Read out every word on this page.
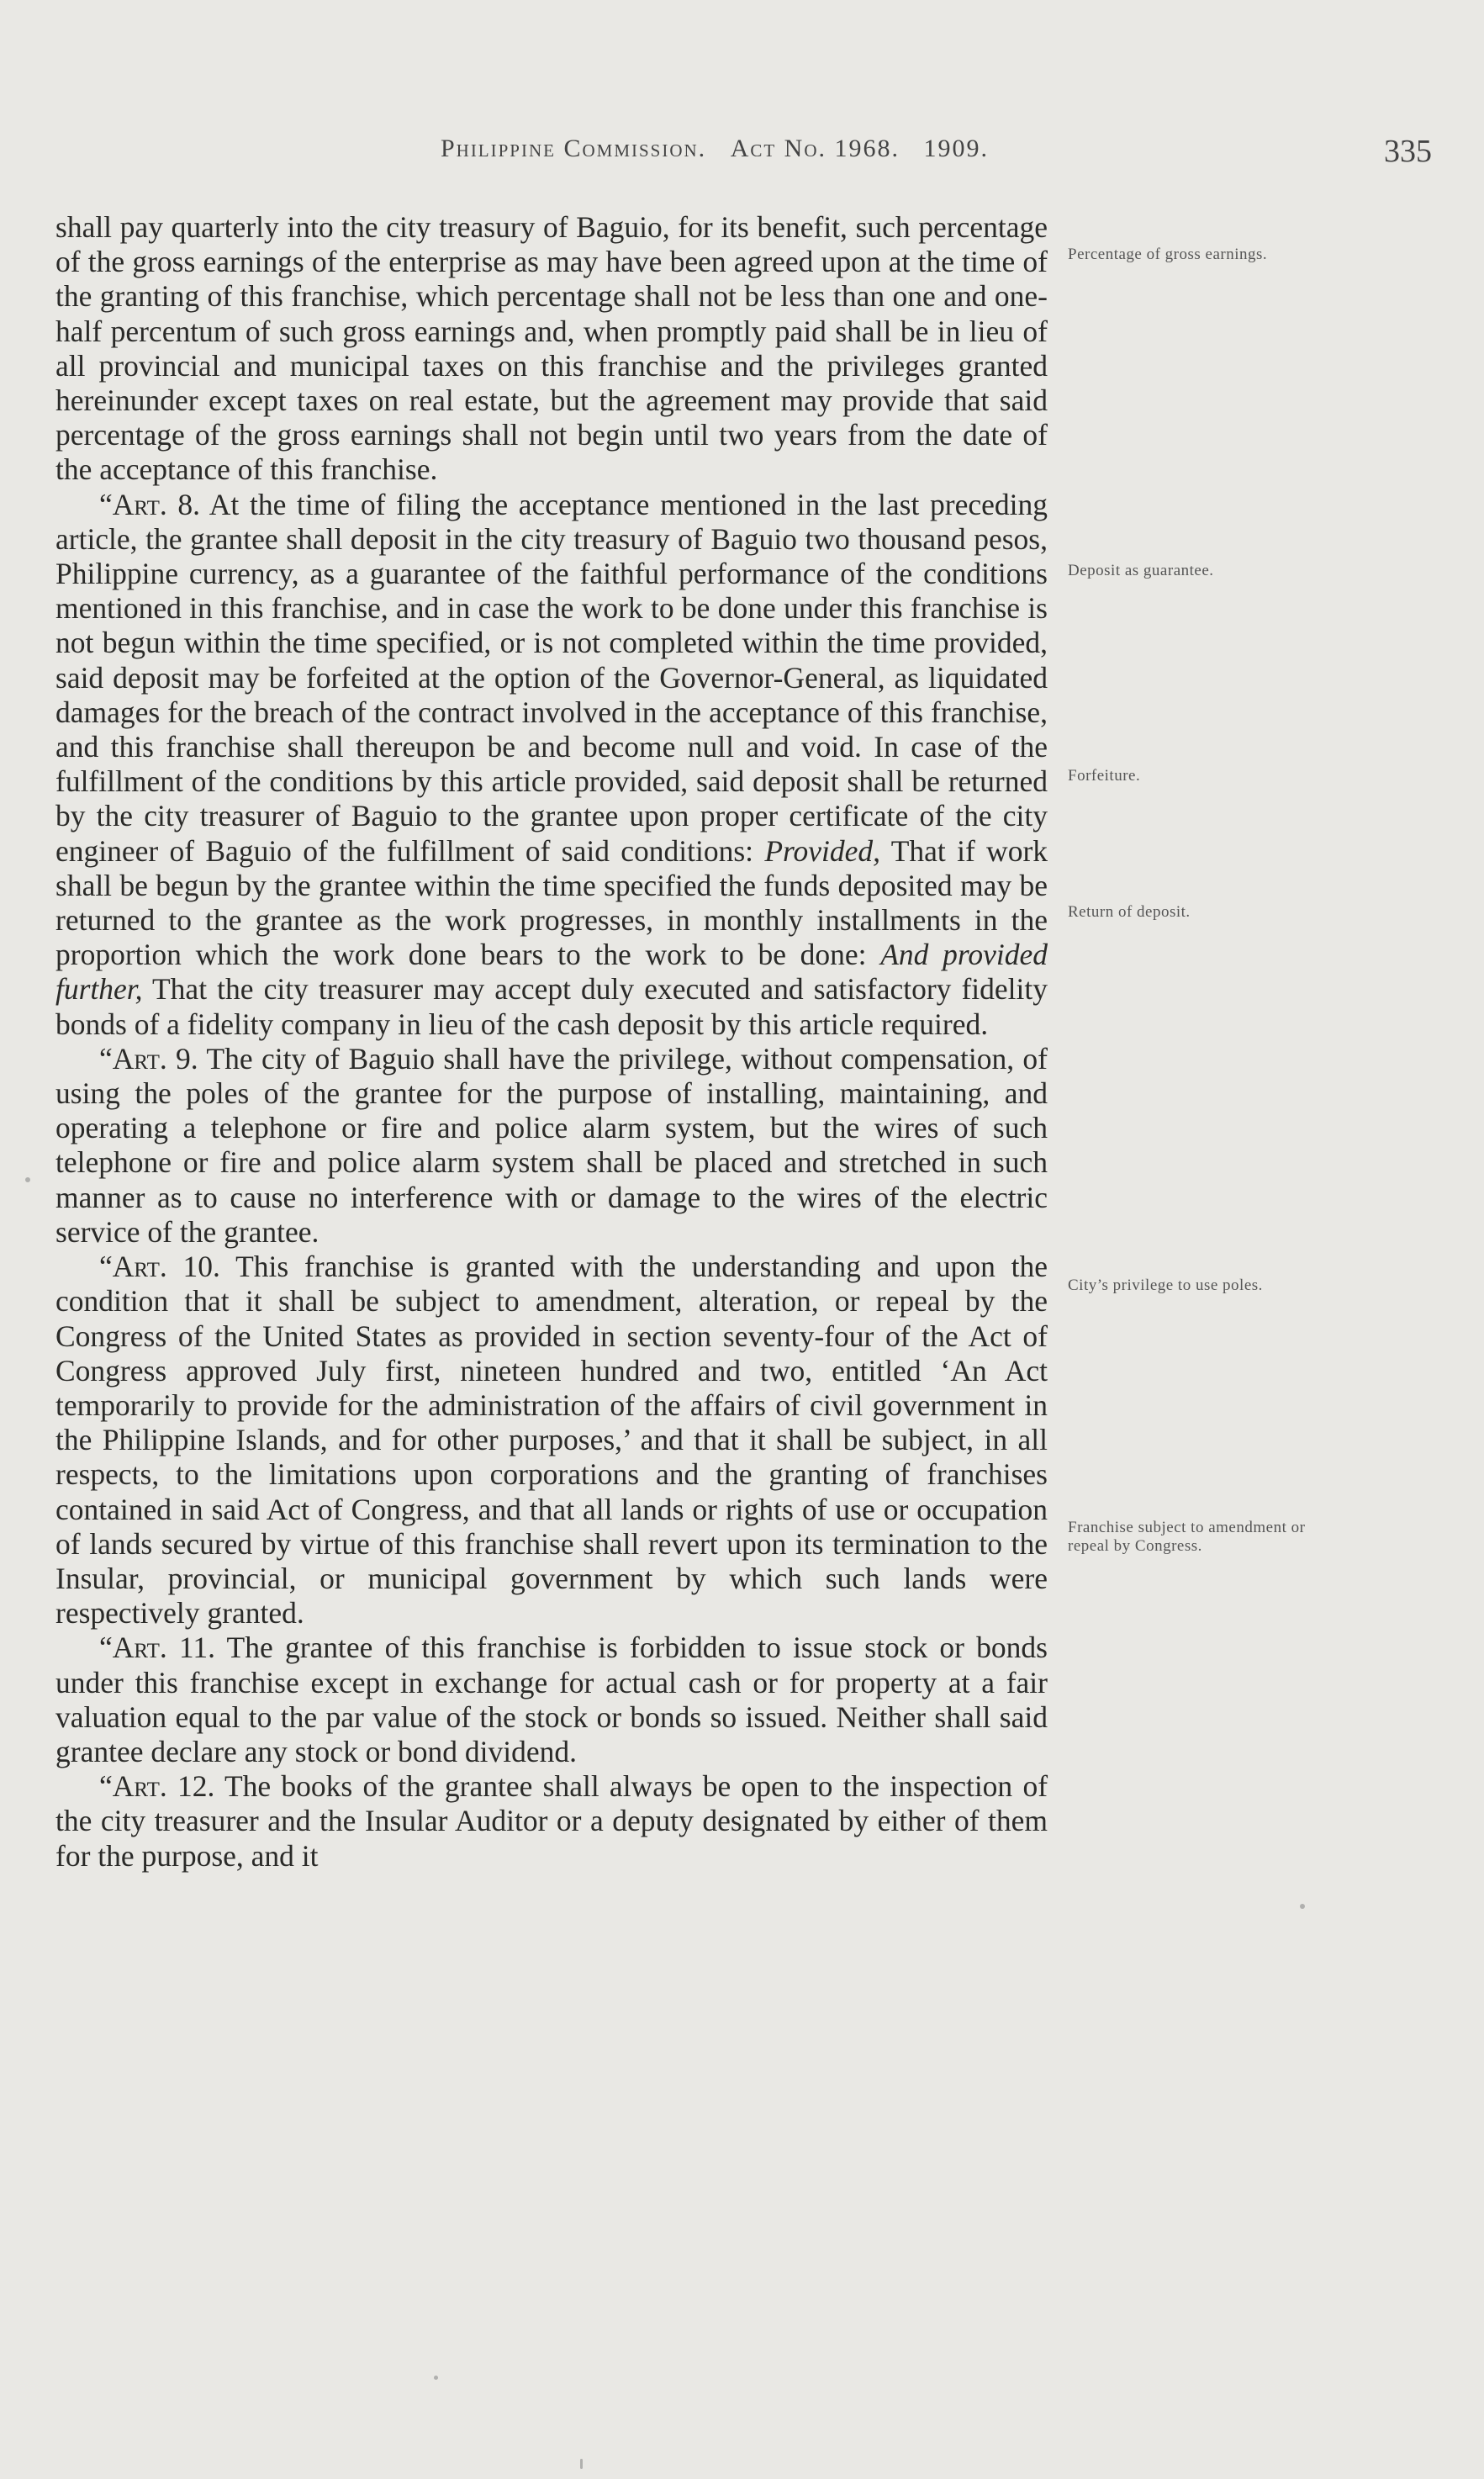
Philippine Commission. Act No. 1968. 1909.	335

shall pay quarterly into the city treasury of Baguio, for its benefit, such percentage of the gross earnings of the enterprise as may have been agreed upon at the time of the granting of this franchise, which percentage shall not be less than one and one-half percentum of such gross earnings and, when promptly paid shall be in lieu of all provincial and municipal taxes on this franchise and the privileges granted hereinunder except taxes on real estate, but the agreement may provide that said percentage of the gross earnings shall not begin until two years from the date of the acceptance of this franchise.

“Art. 8. At the time of filing the acceptance mentioned in the last preceding article, the grantee shall deposit in the city treasury of Baguio two thousand pesos, Philippine currency, as a guarantee of the faithful performance of the conditions mentioned in this franchise, and in case the work to be done under this franchise is not begun within the time specified, or is not completed within the time provided, said deposit may be forfeited at the option of the Governor-General, as liquidated damages for the breach of the contract involved in the acceptance of this franchise, and this franchise shall thereupon be and become null and void. In case of the fulfillment of the conditions by this article provided, said deposit shall be returned by the city treasurer of Baguio to the grantee upon proper certificate of the city engineer of Baguio of the fulfillment of said conditions: Provided, That if work shall be begun by the grantee within the time specified the funds deposited may be returned to the grantee as the work progresses, in monthly installments in the proportion which the work done bears to the work to be done: And provided further, That the city treasurer may accept duly executed and satisfactory fidelity bonds of a fidelity company in lieu of the cash deposit by this article required.

“Art. 9. The city of Baguio shall have the privilege, without compensation, of using the poles of the grantee for the purpose of installing, maintaining, and operating a telephone or fire and police alarm system, but the wires of such telephone or fire and police alarm system shall be placed and stretched in such manner as to cause no interference with or damage to the wires of the electric service of the grantee.

“Art. 10. This franchise is granted with the understanding and upon the condition that it shall be subject to amendment, alteration, or repeal by the Congress of the United States as provided in section seventy-four of the Act of Congress approved July first, nineteen hundred and two, entitled ‘An Act temporarily to provide for the administration of the affairs of civil government in the Philippine Islands, and for other purposes,’ and that it shall be subject, in all respects, to the limitations upon corporations and the granting of franchises contained in said Act of Congress, and that all lands or rights of use or occupation of lands secured by virtue of this franchise shall revert upon its termination to the Insular, provincial, or municipal government by which such lands were respectively granted.

“Art. 11. The grantee of this franchise is forbidden to issue stock or bonds under this franchise except in exchange for actual cash or for property at a fair valuation equal to the par value of the stock or bonds so issued. Neither shall said grantee declare any stock or bond dividend.

“Art. 12. The books of the grantee shall always be open to the inspection of the city treasurer and the Insular Auditor or a deputy designated by either of them for the purpose, and it

Percentage of gross earnings.
Deposit as guarantee.
Forfeiture.
Return of deposit.
City’s privilege to use poles.
Franchise subject to amendment or repeal by Congress.
